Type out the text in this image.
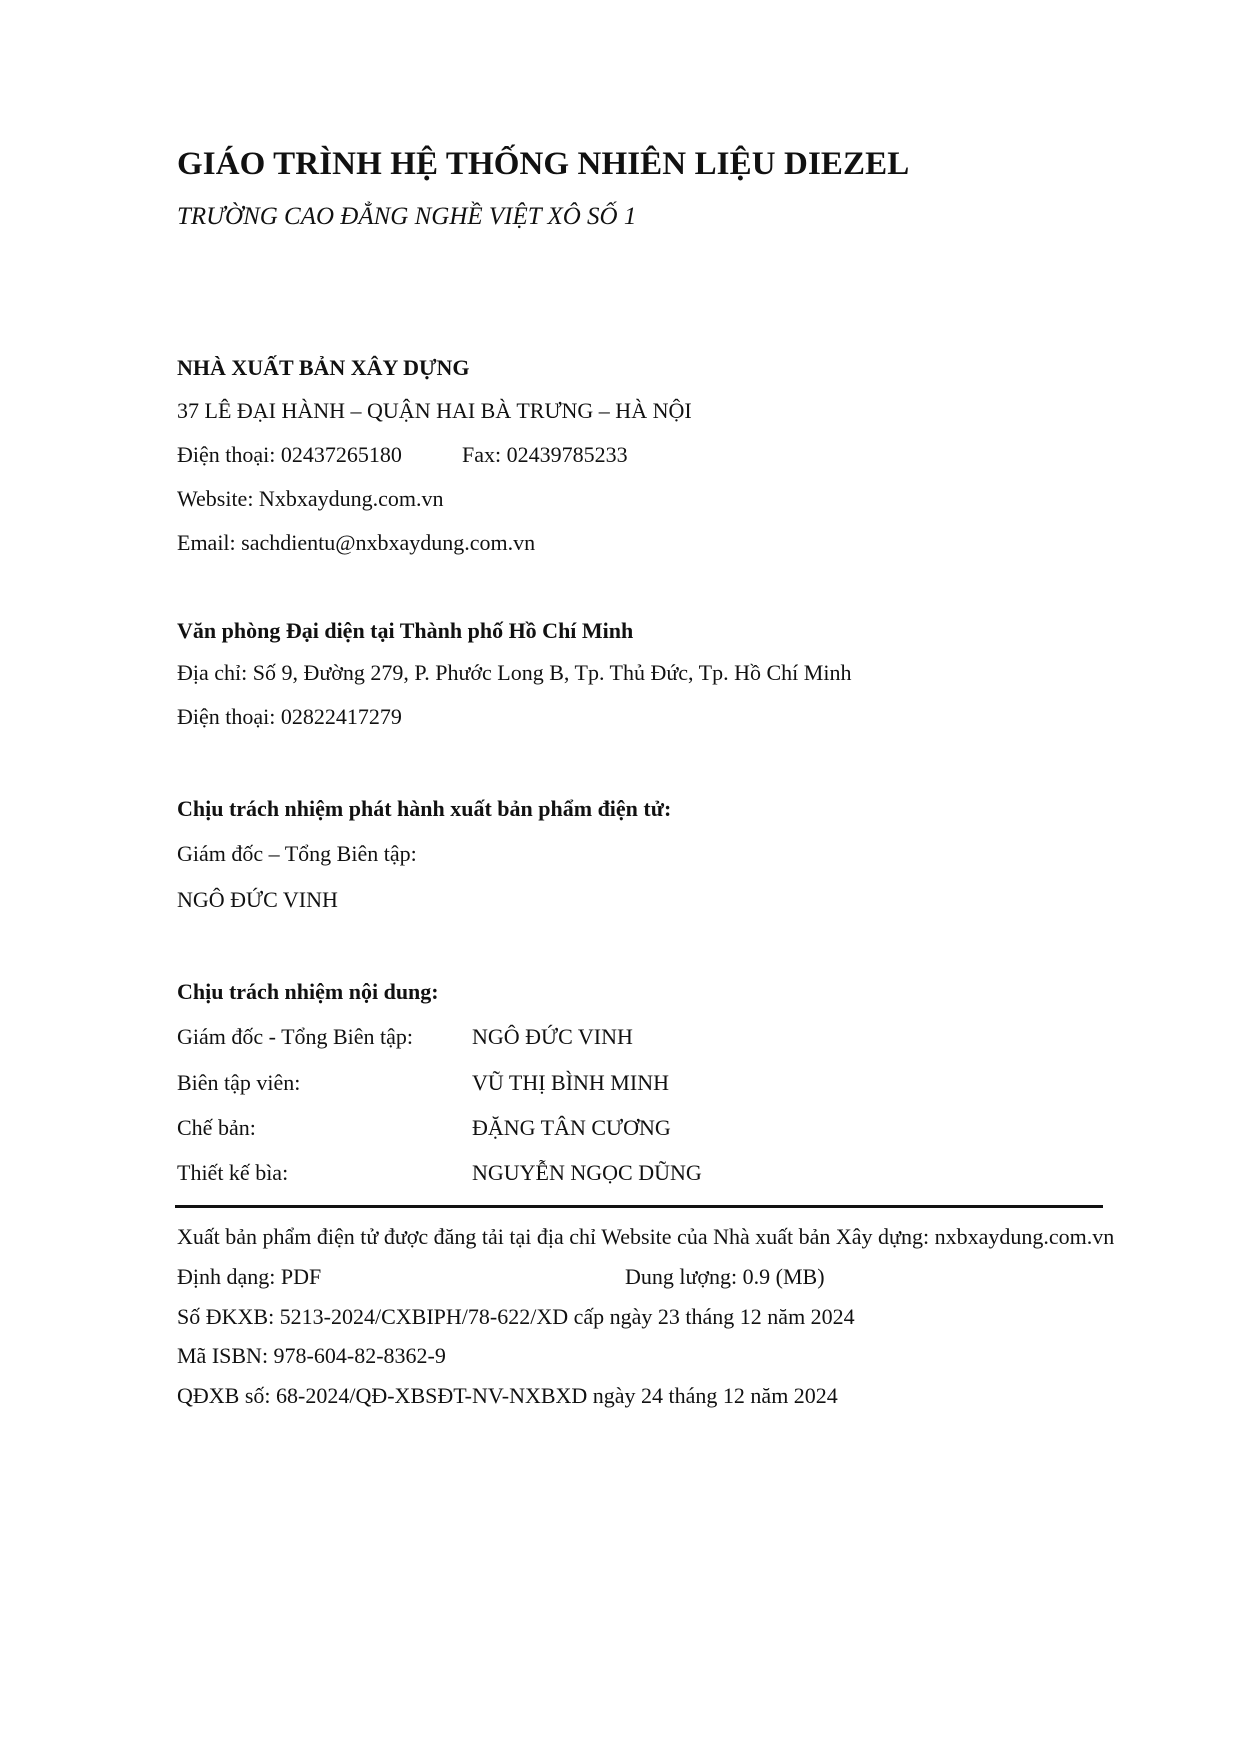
GIÁO TRÌNH HỆ THỐNG NHIÊN LIỆU DIEZEL
TRƯỜNG CAO ĐẲNG NGHỀ VIỆT XÔ SỐ 1
NHÀ XUẤT BẢN XÂY DỰNG
37 LÊ ĐẠI HÀNH – QUẬN HAI BÀ TRƯNG – HÀ NỘI
Điện thoại: 02437265180	Fax: 02439785233
Website: Nxbxaydung.com.vn
Email: sachdientu@nxbxaydung.com.vn
Văn phòng Đại diện tại Thành phố Hồ Chí Minh
Địa chỉ: Số 9, Đường 279, P. Phước Long B, Tp. Thủ Đức, Tp. Hồ Chí Minh
Điện thoại: 02822417279
Chịu trách nhiệm phát hành xuất bản phẩm điện tử:
Giám đốc – Tổng Biên tập:
NGÔ ĐỨC VINH
Chịu trách nhiệm nội dung:
Giám đốc - Tổng Biên tập:	NGÔ ĐỨC VINH
Biên tập viên:	VŨ THỊ BÌNH MINH
Chế bản:	ĐẶNG TÂN CƯƠNG
Thiết kế bìa:	NGUYỄN NGỌC DŨNG
Xuất bản phẩm điện tử được đăng tải tại địa chỉ Website của Nhà xuất bản Xây dựng: nxbxaydung.com.vn
Định dạng: PDF	Dung lượng: 0.9 (MB)
Số ĐKXB: 5213-2024/CXBIPH/78-622/XD cấp ngày 23 tháng 12 năm 2024
Mã ISBN: 978-604-82-8362-9
QĐXB số: 68-2024/QĐ-XBSĐT-NV-NXBXD ngày 24 tháng 12 năm 2024
